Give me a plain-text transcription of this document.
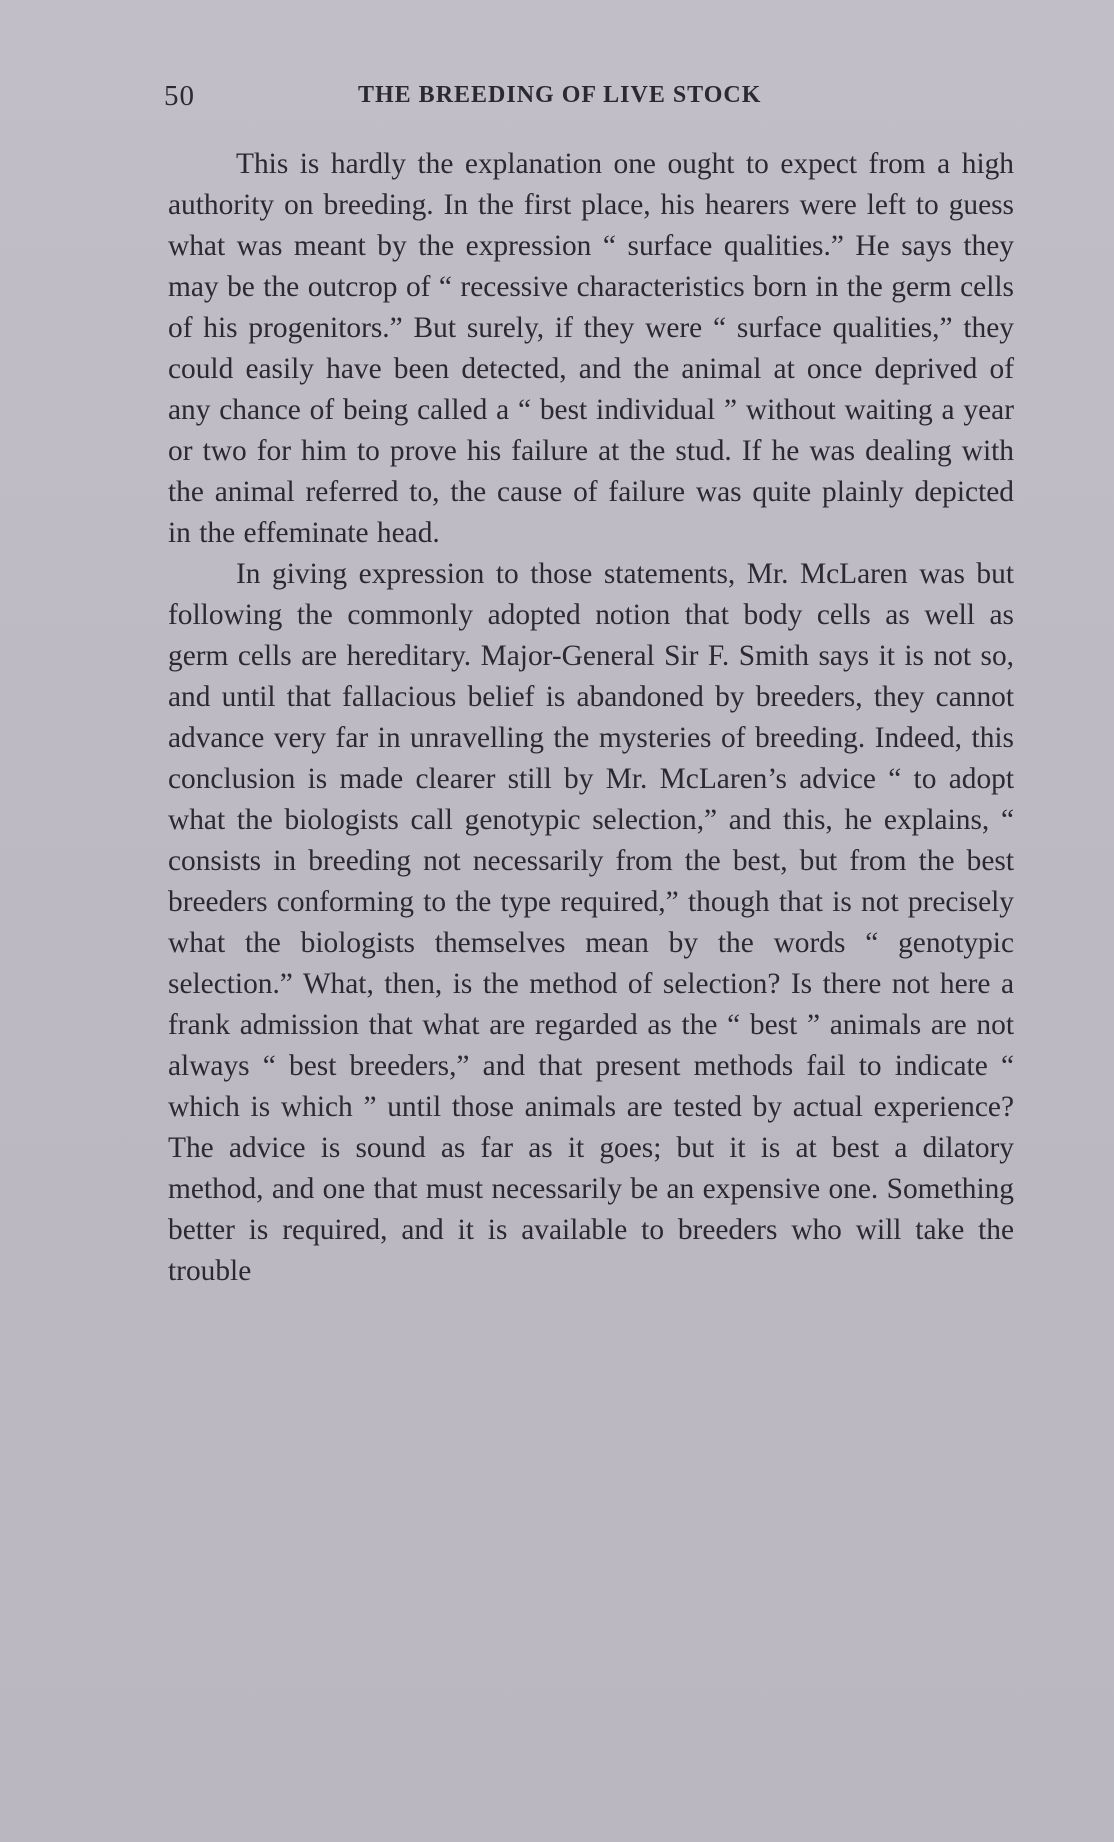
50	THE BREEDING OF LIVE STOCK

This is hardly the explanation one ought to expect from a high authority on breeding. In the first place, his hearers were left to guess what was meant by the expression “ surface qualities.” He says they may be the outcrop of “ recessive characteristics born in the germ cells of his progenitors.” But surely, if they were “ surface qualities,” they could easily have been detected, and the animal at once deprived of any chance of being called a “ best individual ” without waiting a year or two for him to prove his failure at the stud. If he was dealing with the animal referred to, the cause of failure was quite plainly depicted in the effeminate head.

In giving expression to those statements, Mr. McLaren was but following the commonly adopted notion that body cells as well as germ cells are hereditary. Major-General Sir F. Smith says it is not so, and until that fallacious belief is abandoned by breeders, they cannot advance very far in unravelling the mysteries of breeding. Indeed, this conclusion is made clearer still by Mr. McLaren’s advice “ to adopt what the biologists call genotypic selection,” and this, he explains, “ consists in breeding not necessarily from the best, but from the best breeders conforming to the type required,” though that is not precisely what the biologists themselves mean by the words “ genotypic selection.” What, then, is the method of selection? Is there not here a frank admission that what are regarded as the “ best ” animals are not always “ best breeders,” and that present methods fail to indicate “ which is which ” until those animals are tested by actual experience? The advice is sound as far as it goes; but it is at best a dilatory method, and one that must necessarily be an expensive one. Something better is required, and it is available to breeders who will take the trouble
